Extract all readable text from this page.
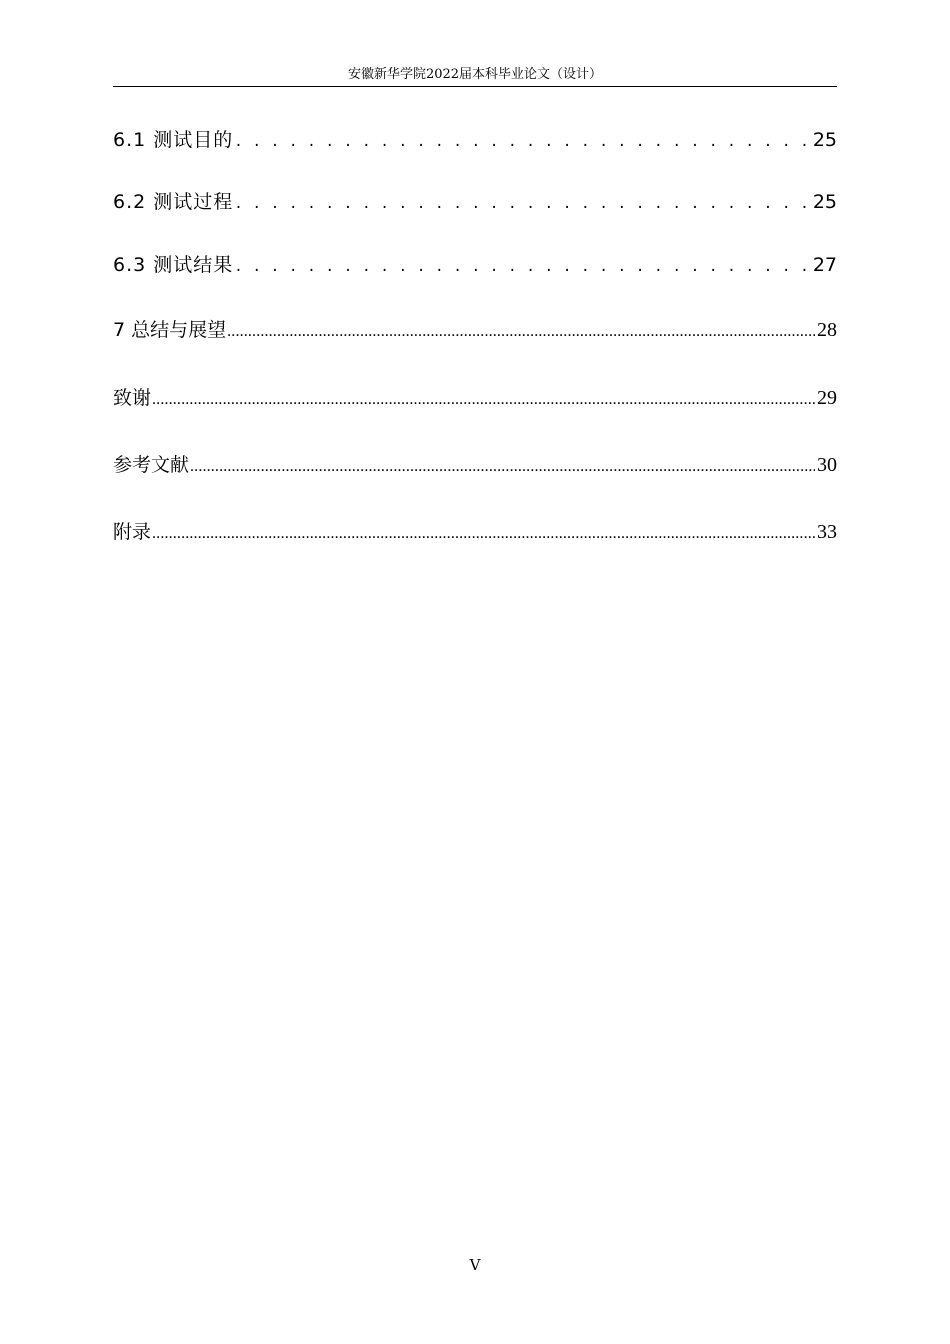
安徽新华学院2022届本科毕业论文（设计）
6.1 测试目的 . . .	25
6.2 测试过程 . . .	25
6.3 测试结果 . . .	27
7 总结与展望 .....	28
致谢 .....	29
参考文献 .....	30
附录 .....	33
V
